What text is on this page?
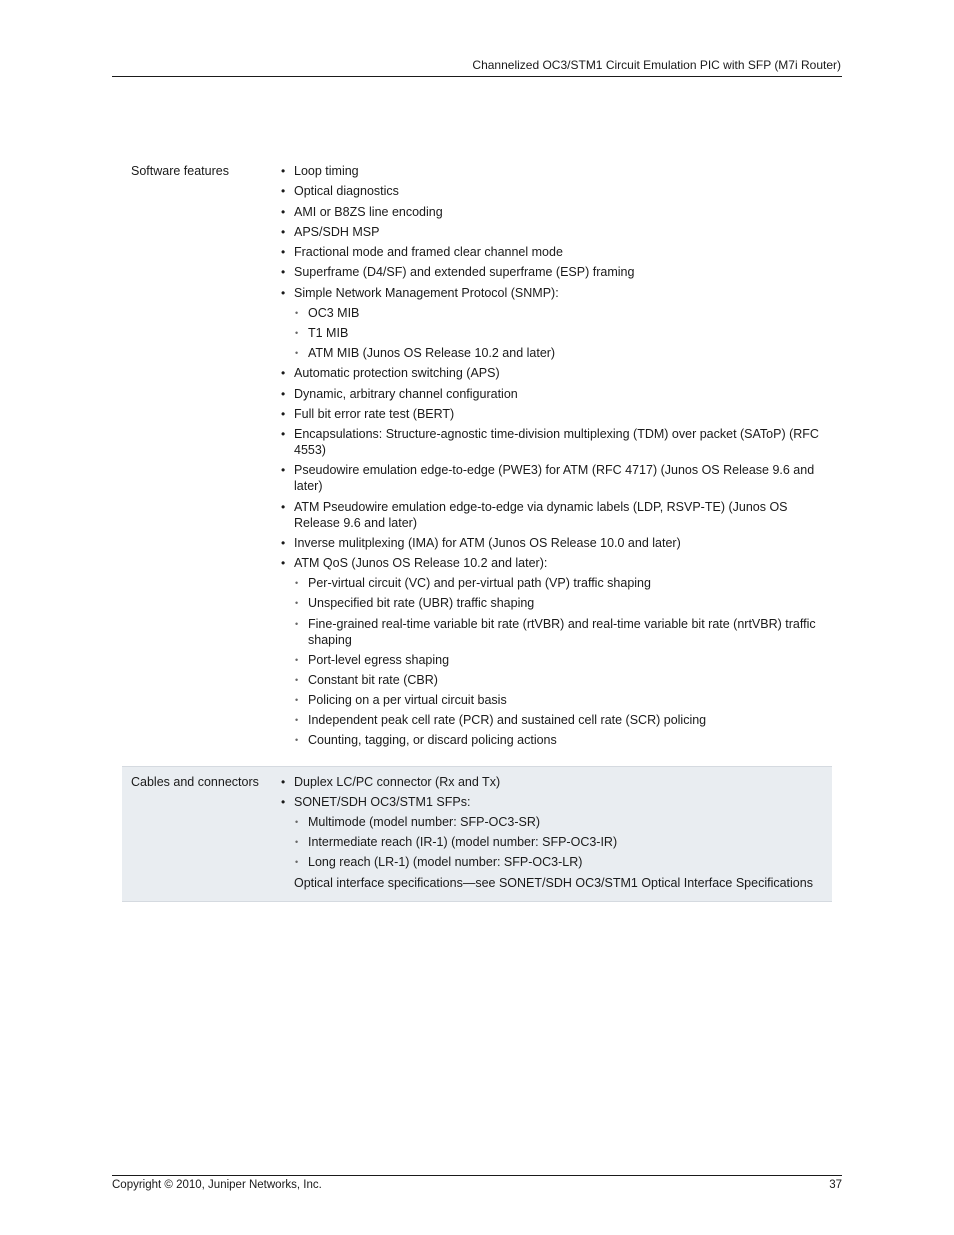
Channelized OC3/STM1 Circuit Emulation PIC with SFP (M7i Router)
Software features	• Loop timing
• Optical diagnostics
• AMI or B8ZS line encoding
• APS/SDH MSP
• Fractional mode and framed clear channel mode
• Superframe (D4/SF) and extended superframe (ESP) framing
• Simple Network Management Protocol (SNMP):
• OC3 MIB
• T1 MIB
• ATM MIB (Junos OS Release 10.2 and later)
• Automatic protection switching (APS)
• Dynamic, arbitrary channel configuration
• Full bit error rate test (BERT)
• Encapsulations: Structure-agnostic time-division multiplexing (TDM) over packet (SAToP) (RFC 4553)
• Pseudowire emulation edge-to-edge (PWE3) for ATM (RFC 4717) (Junos OS Release 9.6 and later)
• ATM Pseudowire emulation edge-to-edge via dynamic labels (LDP, RSVP-TE) (Junos OS Release 9.6 and later)
• Inverse mulitplexing (IMA) for ATM (Junos OS Release 10.0 and later)
• ATM QoS (Junos OS Release 10.2 and later):
• Per-virtual circuit (VC) and per-virtual path (VP) traffic shaping
• Unspecified bit rate (UBR) traffic shaping
• Fine-grained real-time variable bit rate (rtVBR) and real-time variable bit rate (nrtVBR) traffic shaping
• Port-level egress shaping
• Constant bit rate (CBR)
• Policing on a per virtual circuit basis
• Independent peak cell rate (PCR) and sustained cell rate (SCR) policing
• Counting, tagging, or discard policing actions
Cables and connectors	• Duplex LC/PC connector (Rx and Tx)
• SONET/SDH OC3/STM1 SFPs:
• Multimode (model number: SFP-OC3-SR)
• Intermediate reach (IR-1) (model number: SFP-OC3-IR)
• Long reach (LR-1) (model number: SFP-OC3-LR)
Optical interface specifications—see SONET/SDH OC3/STM1 Optical Interface Specifications
Copyright © 2010, Juniper Networks, Inc.	37
